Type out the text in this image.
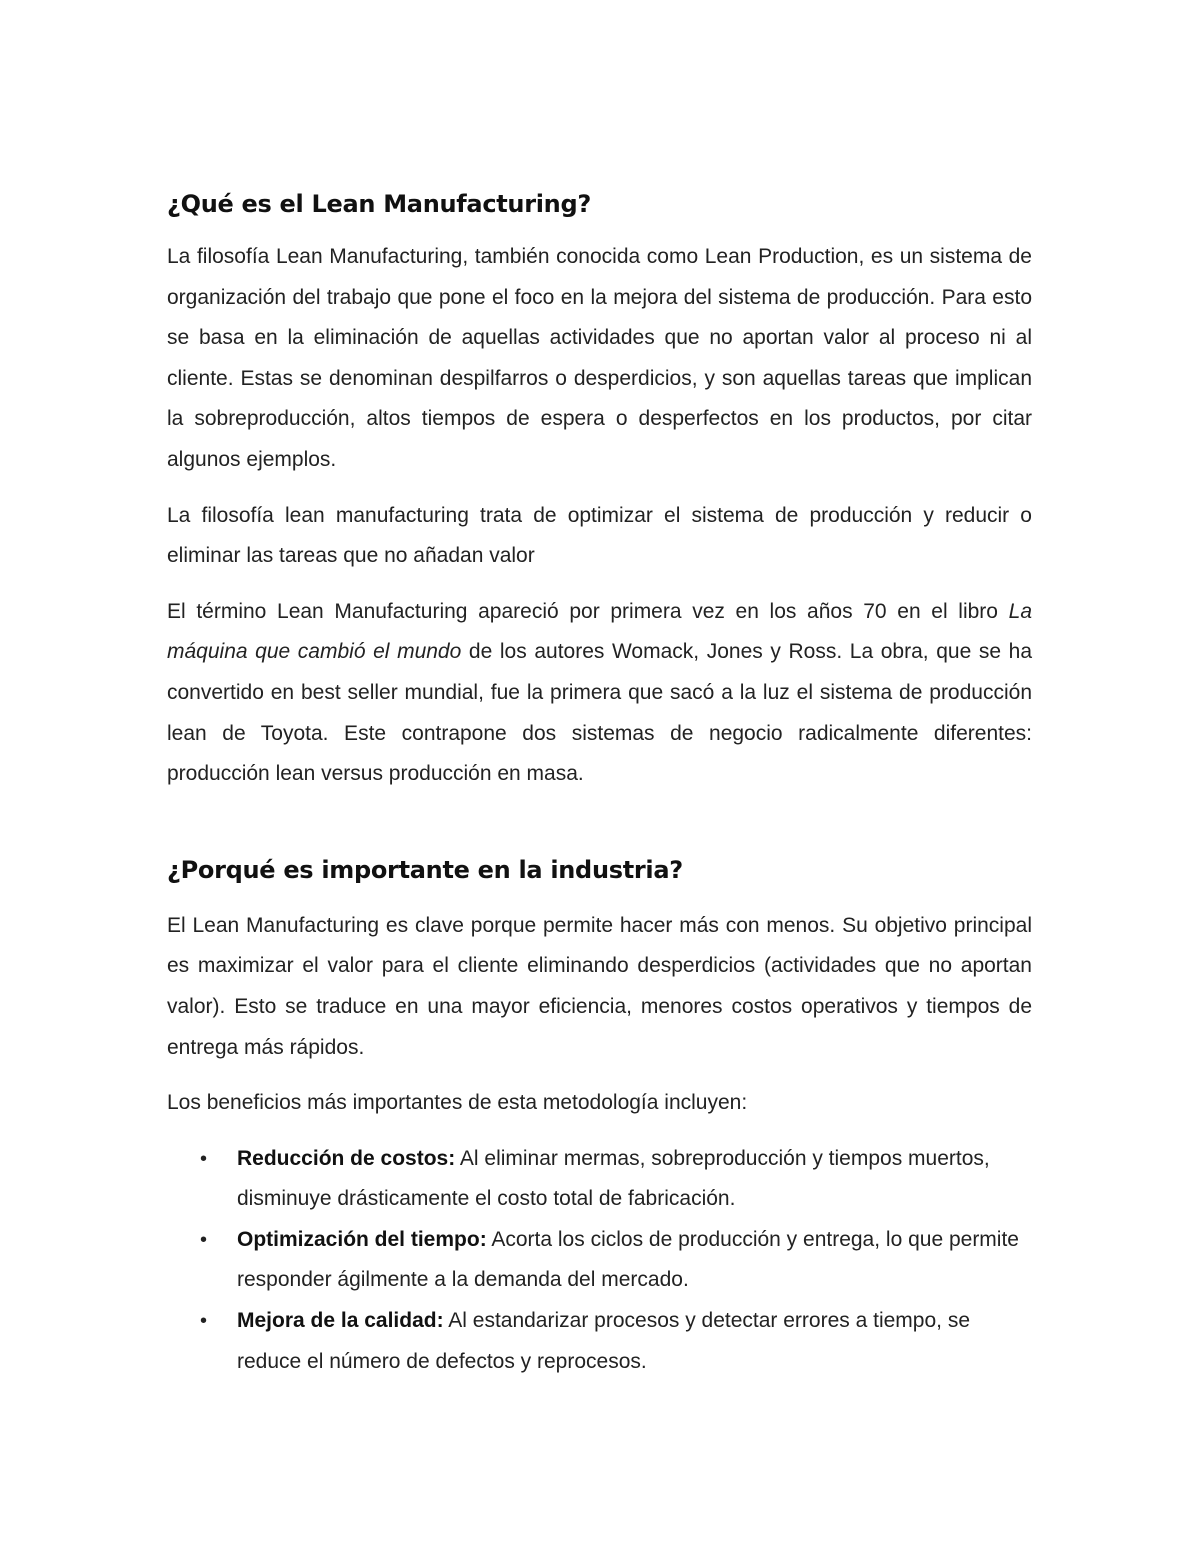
¿Qué es el Lean Manufacturing?

La filosofía Lean Manufacturing, también conocida como Lean Production, es un sistema de organización del trabajo que pone el foco en la mejora del sistema de producción. Para esto se basa en la eliminación de aquellas actividades que no aportan valor al proceso ni al cliente. Estas se denominan despilfarros o desperdicios, y son aquellas tareas que implican la sobreproducción, altos tiempos de espera o desperfectos en los productos, por citar algunos ejemplos.

La filosofía lean manufacturing trata de optimizar el sistema de producción y reducir o eliminar las tareas que no añadan valor

El término Lean Manufacturing apareció por primera vez en los años 70 en el libro La máquina que cambió el mundo de los autores Womack, Jones y Ross. La obra, que se ha convertido en best seller mundial, fue la primera que sacó a la luz el sistema de producción lean de Toyota. Este contrapone dos sistemas de negocio radicalmente diferentes: producción lean versus producción en masa.

¿Porqué es importante en la industria?

El Lean Manufacturing es clave porque permite hacer más con menos. Su objetivo principal es maximizar el valor para el cliente eliminando desperdicios (actividades que no aportan valor). Esto se traduce en una mayor eficiencia, menores costos operativos y tiempos de entrega más rápidos.

Los beneficios más importantes de esta metodología incluyen:

• Reducción de costos: Al eliminar mermas, sobreproducción y tiempos muertos, disminuye drásticamente el costo total de fabricación.
• Optimización del tiempo: Acorta los ciclos de producción y entrega, lo que permite responder ágilmente a la demanda del mercado.
• Mejora de la calidad: Al estandarizar procesos y detectar errores a tiempo, se reduce el número de defectos y reprocesos.
